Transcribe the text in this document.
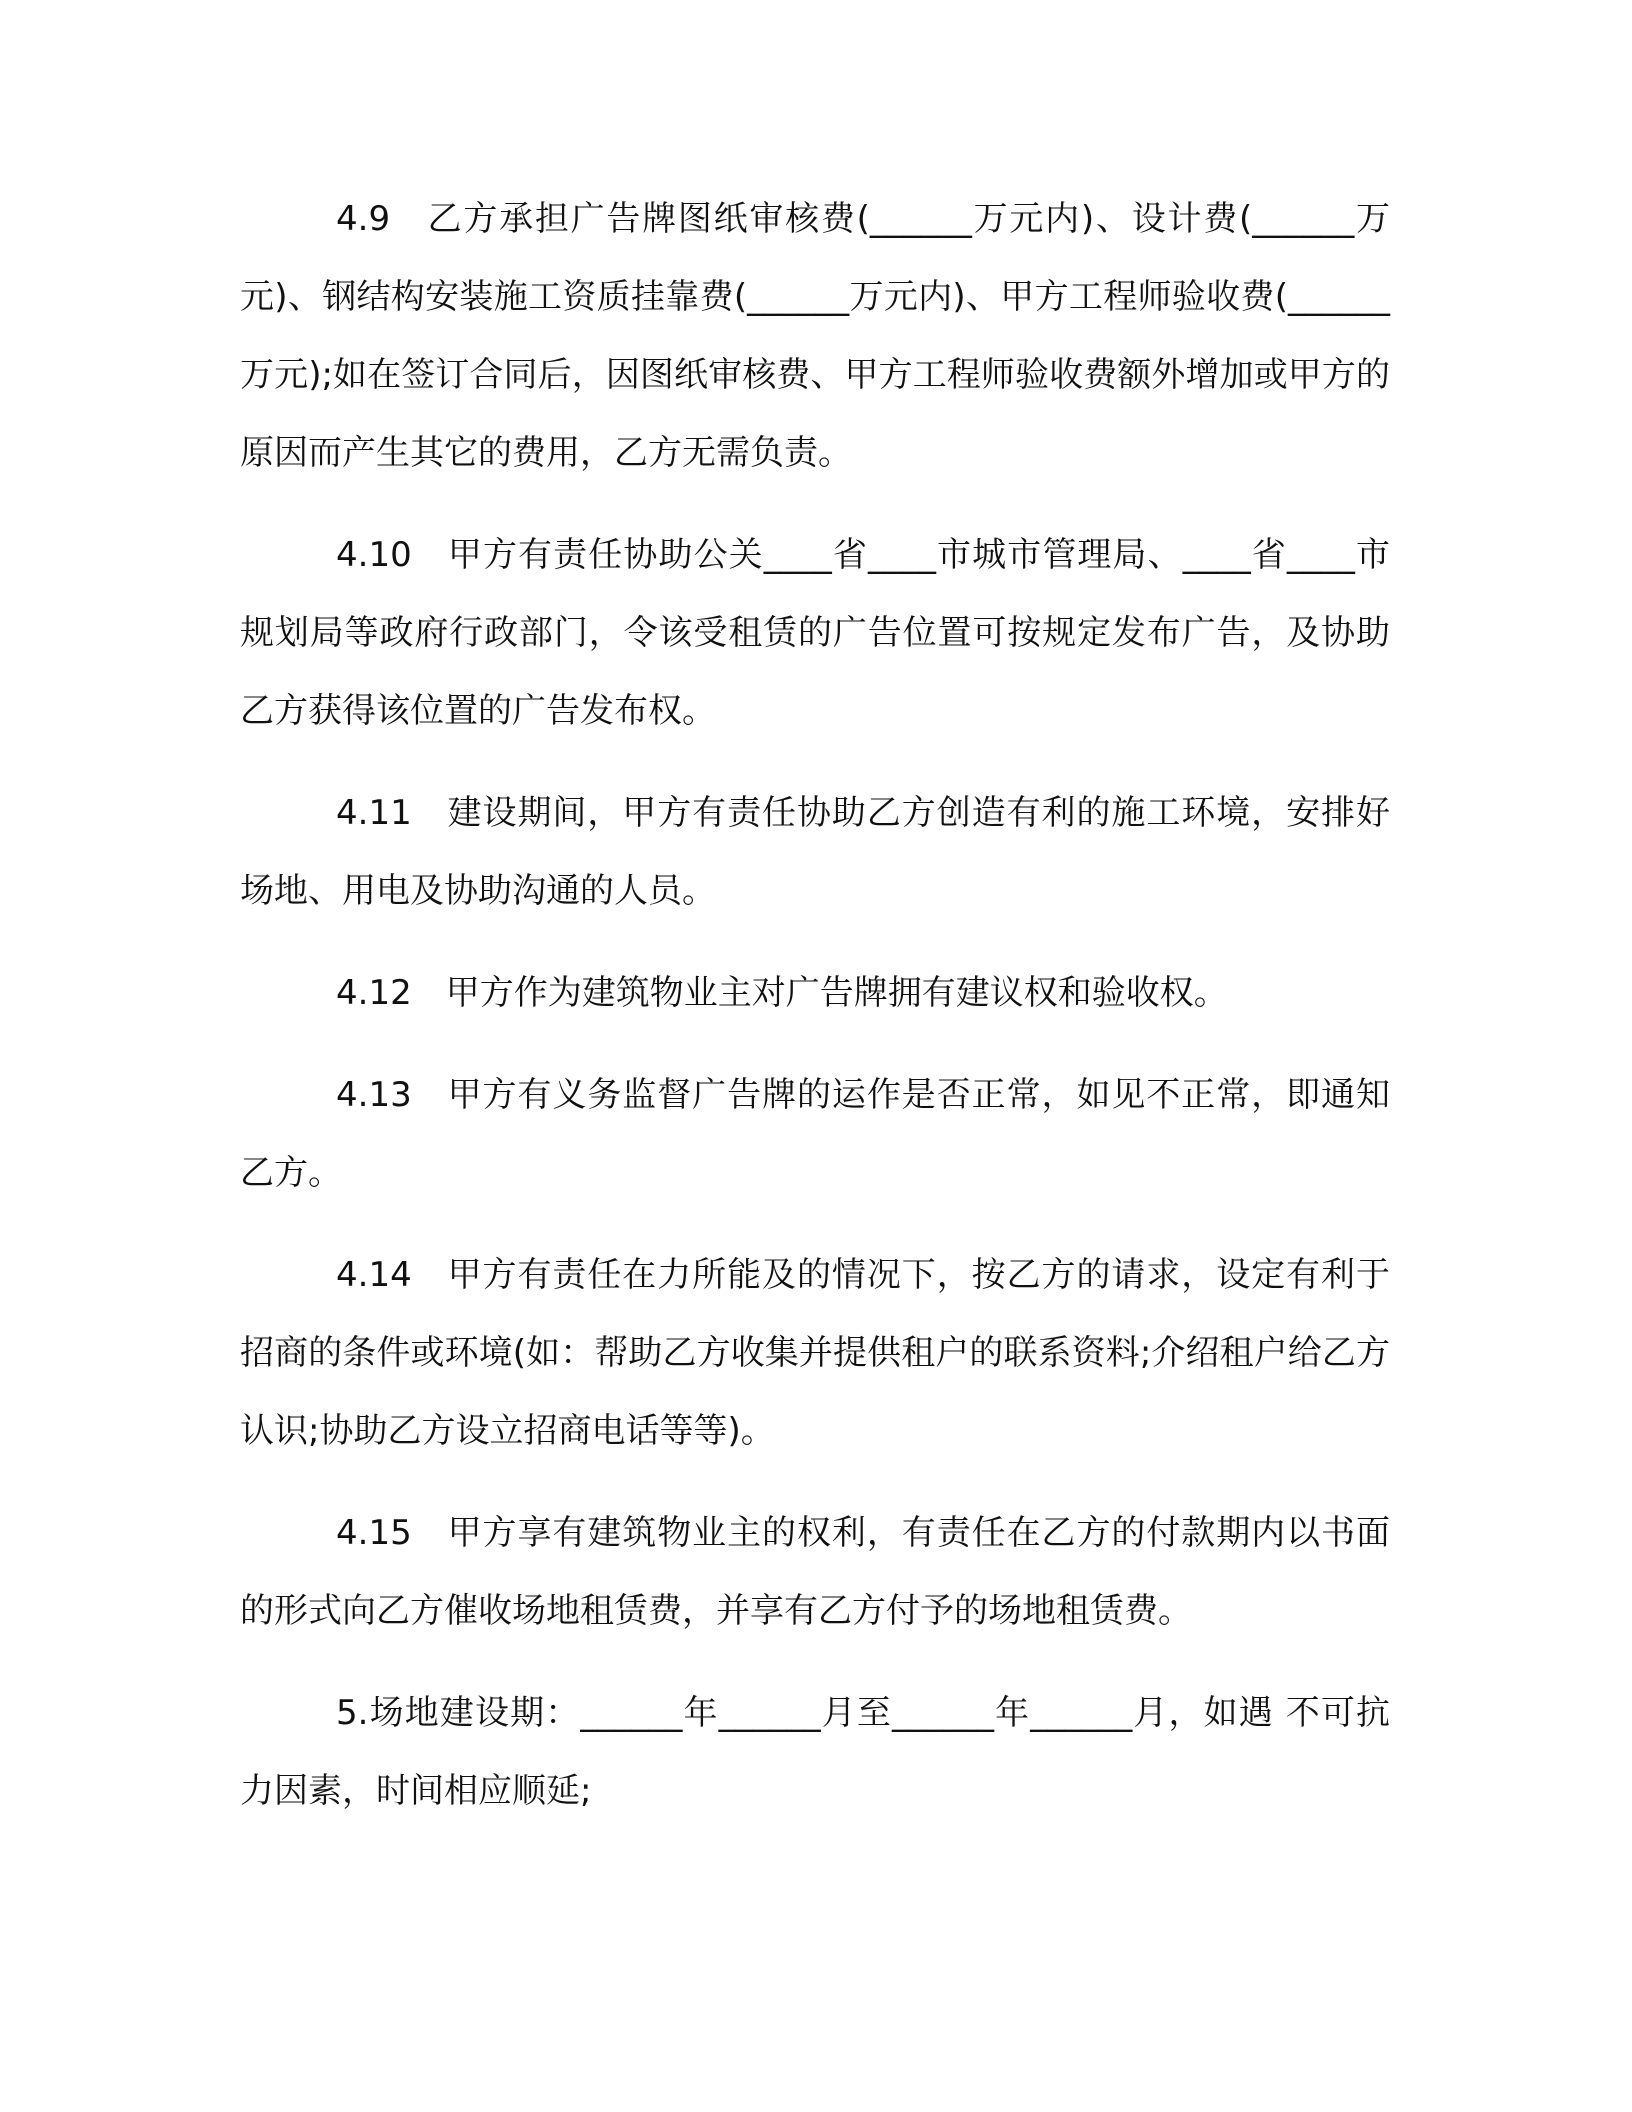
4.9　乙方承担广告牌图纸审核费(______万元内)、设计费(______万元)、钢结构安装施工资质挂靠费(______万元内)、甲方工程师验收费(______万元);如在签订合同后，因图纸审核费、甲方工程师验收费额外增加或甲方的原因而产生其它的费用，乙方无需负责。

4.10　甲方有责任协助公关____省____市城市管理局、____省____市规划局等政府行政部门，令该受租赁的广告位置可按规定发布广告，及协助乙方获得该位置的广告发布权。

4.11　建设期间，甲方有责任协助乙方创造有利的施工环境，安排好场地、用电及协助沟通的人员。

4.12　甲方作为建筑物业主对广告牌拥有建议权和验收权。

4.13　甲方有义务监督广告牌的运作是否正常，如见不正常，即通知乙方。

4.14　甲方有责任在力所能及的情况下，按乙方的请求，设定有利于招商的条件或环境(如：帮助乙方收集并提供租户的联系资料;介绍租户给乙方认识;协助乙方设立招商电话等等)。

4.15　甲方享有建筑物业主的权利，有责任在乙方的付款期内以书面的形式向乙方催收场地租赁费，并享有乙方付予的场地租赁费。

5.场地建设期：______年______月至______年______月，如遇 不可抗力因素，时间相应顺延;
